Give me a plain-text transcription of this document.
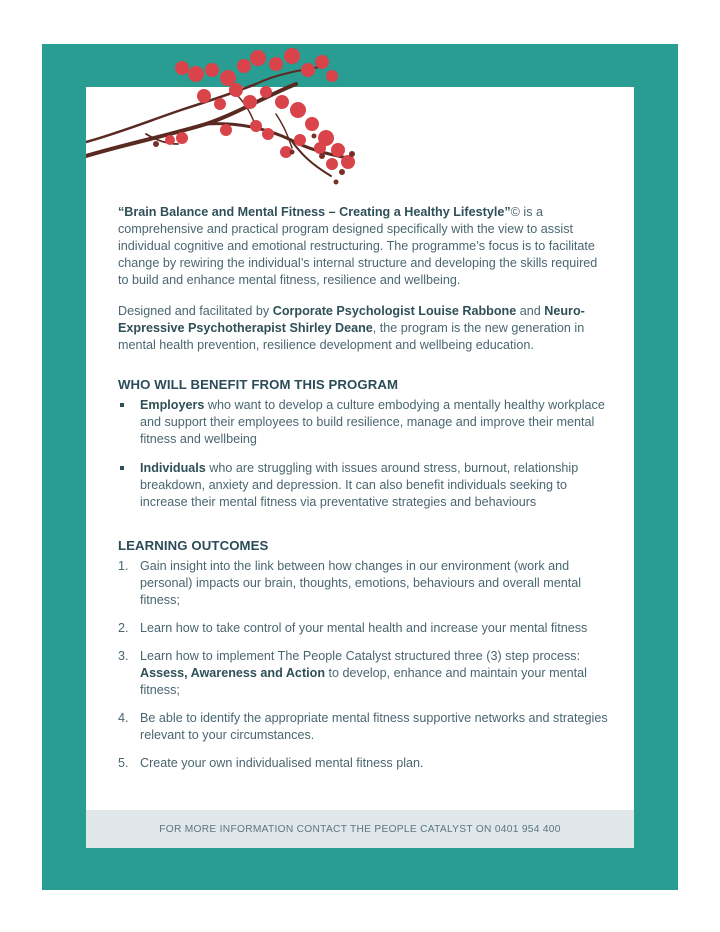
“Brain Balance and Mental Fitness – Creating a Healthy Lifestyle”© is a comprehensive and practical program designed specifically with the view to assist individual cognitive and emotional restructuring. The programme’s focus is to facilitate change by rewiring the individual’s internal structure and developing the skills required to build and enhance mental fitness, resilience and wellbeing.

Designed and facilitated by Corporate Psychologist Louise Rabbone and Neuro-Expressive Psychotherapist Shirley Deane, the program is the new generation in mental health prevention, resilience development and wellbeing education.

WHO WILL BENEFIT FROM THIS PROGRAM
Employers who want to develop a culture embodying a mentally healthy workplace and support their employees to build resilience, manage and improve their mental fitness and wellbeing
Individuals who are struggling with issues around stress, burnout, relationship breakdown, anxiety and depression. It can also benefit individuals seeking to increase their mental fitness via preventative strategies and behaviours
LEARNING OUTCOMES
1. Gain insight into the link between how changes in our environment (work and personal) impacts our brain, thoughts, emotions, behaviours and overall mental fitness;
2. Learn how to take control of your mental health and increase your mental fitness
3. Learn how to implement The People Catalyst structured three (3) step process: Assess, Awareness and Action to develop, enhance and maintain your mental fitness;
4. Be able to identify the appropriate mental fitness supportive networks and strategies relevant to your circumstances.
5. Create your own individualised mental fitness plan.
FOR MORE INFORMATION CONTACT THE PEOPLE CATALYST ON 0401 954 400
